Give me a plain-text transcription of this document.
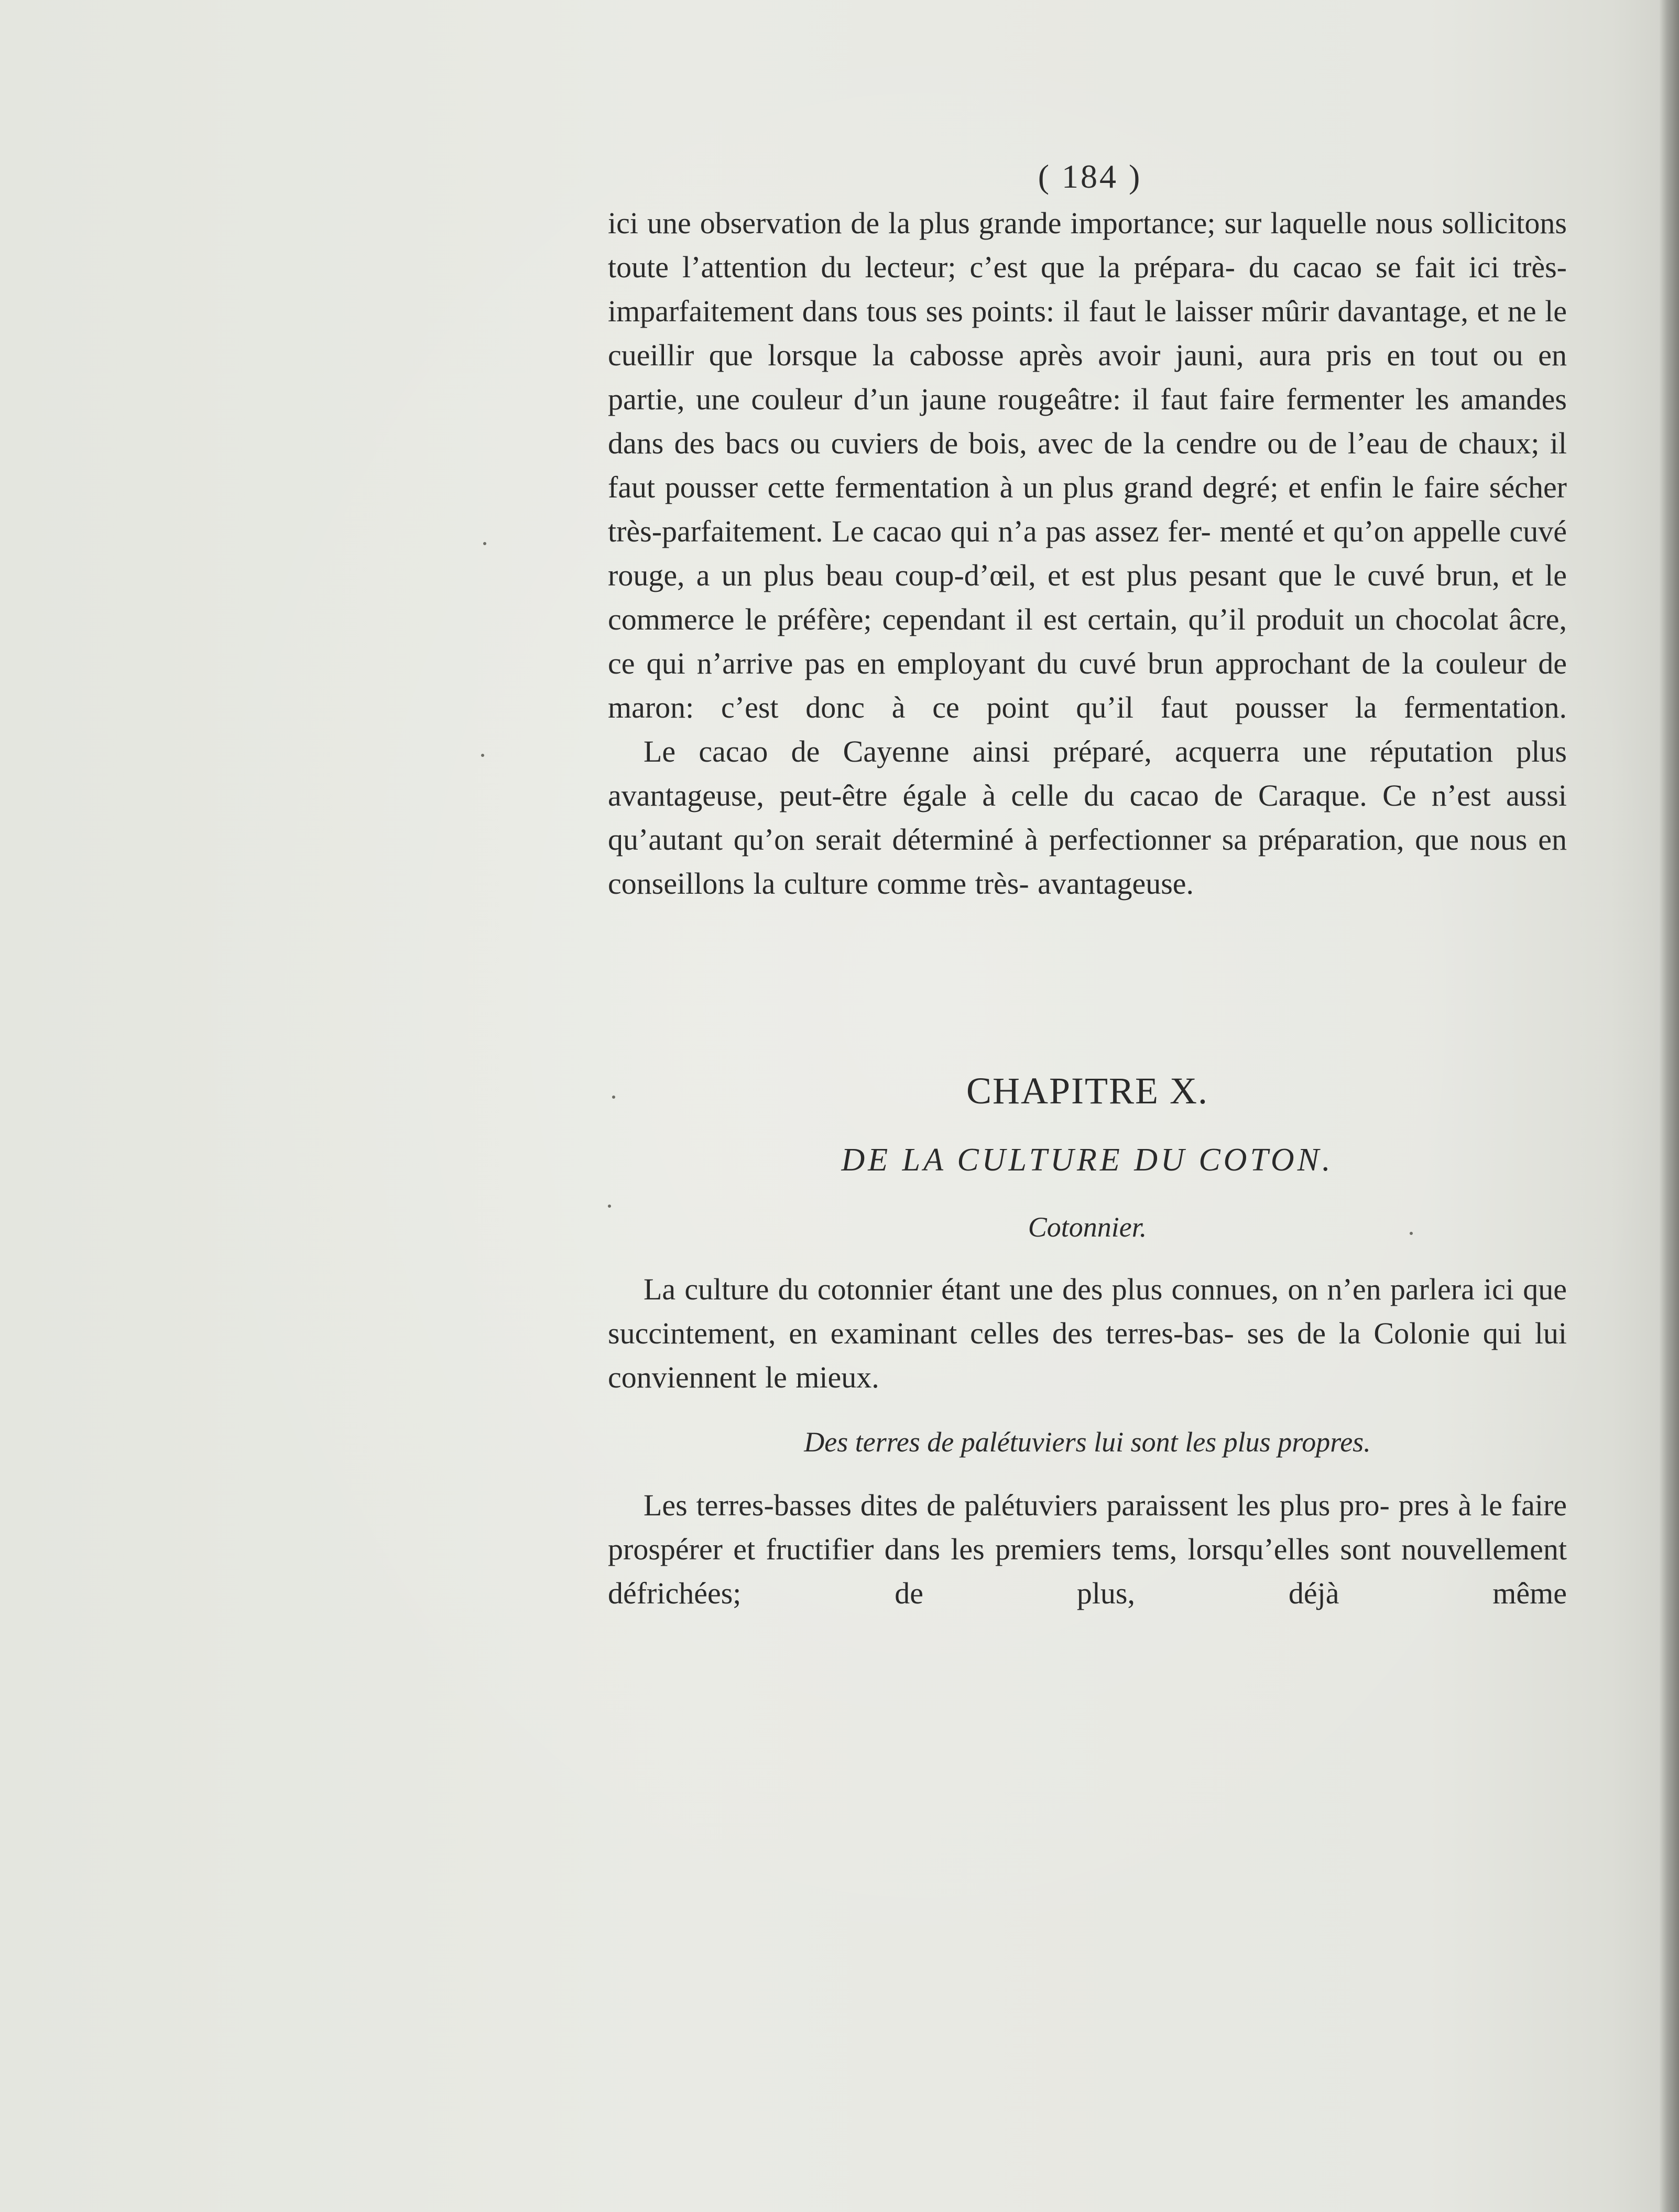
( 184 )

ici une observation de la plus grande importance; sur laquelle nous sollicitons toute l’attention du lecteur; c’est que la prépara- du cacao se fait ici très-imparfaitement dans tous ses points: il faut le laisser mûrir davantage, et ne le cueillir que lorsque la cabosse après avoir jauni, aura pris en tout ou en partie, une couleur d’un jaune rougeâtre: il faut faire fermenter les amandes dans des bacs ou cuviers de bois, avec de la cendre ou de l’eau de chaux; il faut pousser cette fermentation à un plus grand degré; et enfin le faire sécher très-parfaitement. Le cacao qui n’a pas assez fer- menté et qu’on appelle cuvé rouge, a un plus beau coup-d’œil, et est plus pesant que le cuvé brun, et le commerce le préfère; cependant il est certain, qu’il produit un chocolat âcre, ce qui n’arrive pas en employant du cuvé brun approchant de la couleur de maron: c’est donc à ce point qu’il faut pousser la fermentation.

Le cacao de Cayenne ainsi préparé, acquerra une réputation plus avantageuse, peut-être égale à celle du cacao de Caraque. Ce n’est aussi qu’autant qu’on serait déterminé à perfectionner sa préparation, que nous en conseillons la culture comme très- avantageuse.

CHAPITRE X.
DE LA CULTURE DU COTON.
Cotonnier.

La culture du cotonnier étant une des plus connues, on n’en parlera ici que succintement, en examinant celles des terres-bas- ses de la Colonie qui lui conviennent le mieux.

Des terres de palétuviers lui sont les plus propres.

Les terres-basses dites de palétuviers paraissent les plus pro- pres à le faire prospérer et fructifier dans les premiers tems, lorsqu’elles sont nouvellement défrichées; de plus, déjà même
